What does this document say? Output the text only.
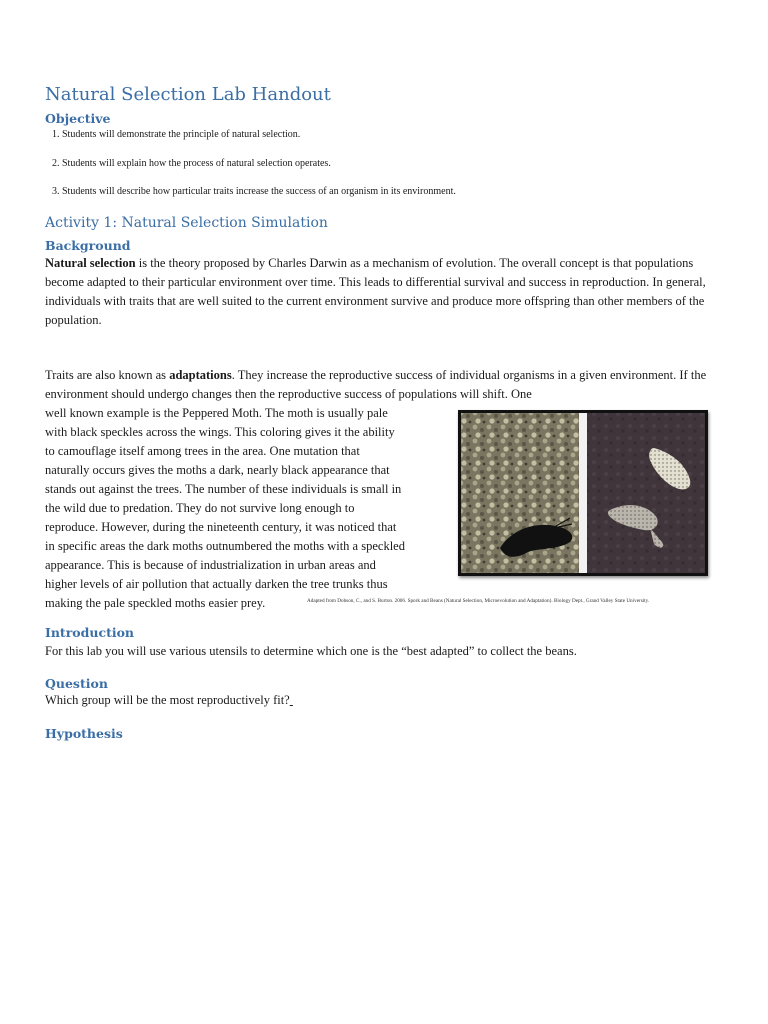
Natural Selection Lab Handout
Objective

1. Students will demonstrate the principle of natural selection.

2. Students will explain how the process of natural selection operates.

3. Students will describe how particular traits increase the success of an organism in its environment.

Activity 1: Natural Selection Simulation
Background

Natural selection is the theory proposed by Charles Darwin as a mechanism of evolution. The overall concept is that populations become adapted to their particular environment over time. This leads to differential survival and success in reproduction. In general, individuals with traits that are well suited to the current environment survive and produce more offspring than other members of the population.

Traits are also known as adaptations. They increase the reproductive success of individual organisms in a given environment. If the environment should undergo changes then the reproductive success of populations will shift. One

well known example is the Peppered Moth. The moth is usually pale
with black speckles across the wings. This coloring gives it the ability
to camouflage itself among trees in the area. One mutation that
naturally occurs gives the moths a dark, nearly black appearance that
stands out against the trees. The number of these individuals is small in
the wild due to predation. They do not survive long enough to
reproduce. However, during the nineteenth century, it was noticed that
in specific areas the dark moths outnumbered the moths with a speckled
appearance. This is because of industrialization in urban areas and
higher levels of air pollution that actually darken the tree trunks thus
making the pale speckled moths easier prey.	Adapted from Dobson, C., and S. Burton. 2006. Spork and Beans (Natural Selection, Microevolution and Adaptation). Biology Dept., Grand Valley State University.
Introduction

For this lab you will use various utensils to determine which one is the “best adapted” to collect the beans.

Question

Which group will be the most reproductively fit?

Hypothesis
